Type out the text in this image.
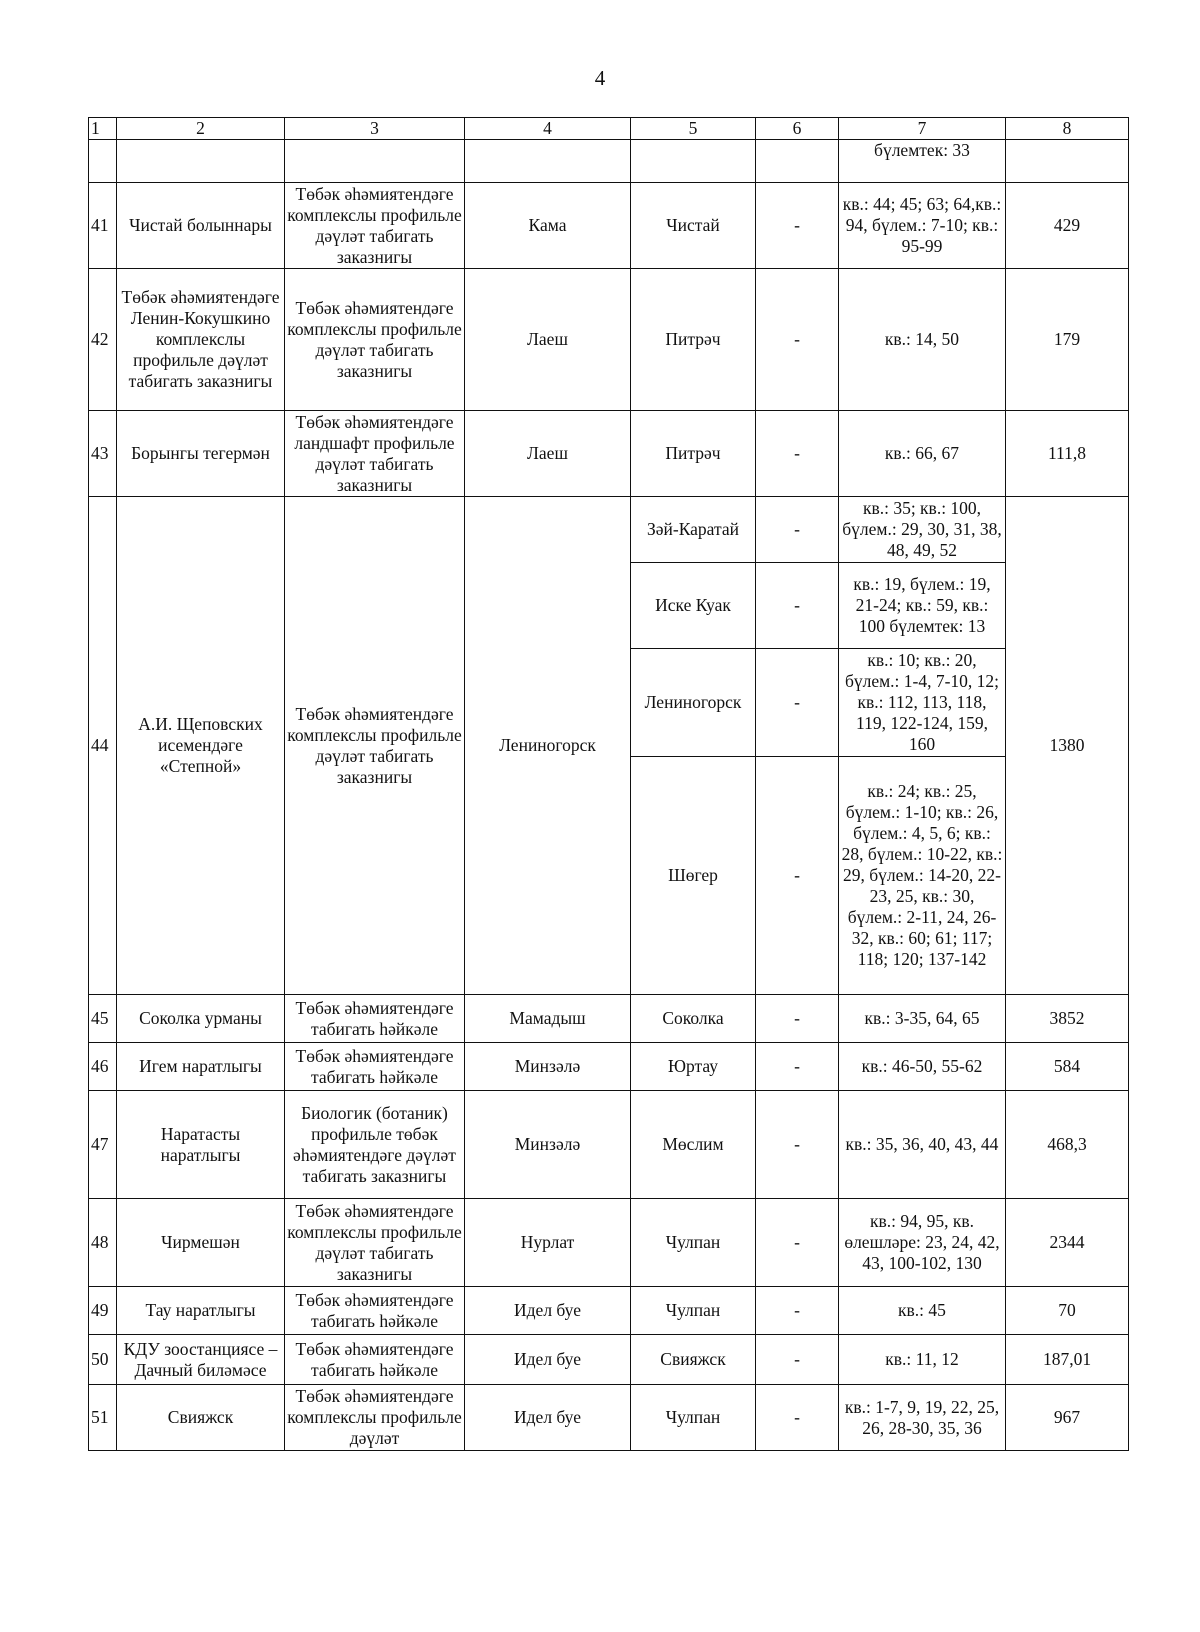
4
1	2	3	4	5	6	7	8
						бүлемтек: 33	
41	Чистай болыннары	Төбәк әһәмиятендәге комплекслы профильле дәүләт табигать заказнигы	Кама	Чистай	-	кв.: 44; 45; 63; 64,кв.: 94, бүлем.: 7-10; кв.: 95-99	429
42	Төбәк әһәмиятендәге Ленин-Кокушкино комплекслы профильле дәүләт табигать заказнигы	Төбәк әһәмиятендәге комплекслы профильле дәүләт табигать заказнигы	Лаеш	Питрәч	-	кв.: 14, 50	179
43	Борынгы тегермән	Төбәк әһәмиятендәге ландшафт профильле дәүләт табигать заказнигы	Лаеш	Питрәч	-	кв.: 66, 67	111,8
44	А.И. Щеповских исемендәге «Степной»	Төбәк әһәмиятендәге комплекслы профильле дәүләт табигать заказнигы	Лениногорск	Зәй-Каратай	-	кв.: 35; кв.: 100, бүлем.: 29, 30, 31, 38, 48, 49, 52	1380
				Иске Куак	-	кв.: 19, бүлем.: 19, 21-24; кв.: 59, кв.: 100 бүлемтек: 13	
				Лениногорск	-	кв.: 10; кв.: 20, бүлем.: 1-4, 7-10, 12; кв.: 112, 113, 118, 119, 122-124, 159, 160	
				Шөгер	-	кв.: 24; кв.: 25, бүлем.: 1-10; кв.: 26, бүлем.: 4, 5, 6; кв.: 28, бүлем.: 10-22, кв.: 29, бүлем.: 14-20, 22-23, 25, кв.: 30, бүлем.: 2-11, 24, 26-32, кв.: 60; 61; 117; 118; 120; 137-142	
45	Соколка урманы	Төбәк әһәмиятендәге табигать һәйкәле	Мамадыш	Соколка	-	кв.: 3-35, 64, 65	3852
46	Игем наратлыгы	Төбәк әһәмиятендәге табигать һәйкәле	Минзәлә	Юртау	-	кв.: 46-50, 55-62	584
47	Наратасты наратлыгы	Биологик (ботаник) профильле төбәк әһәмиятендәге дәүләт табигать заказнигы	Минзәлә	Мөслим	-	кв.: 35, 36, 40, 43, 44	468,3
48	Чирмешән	Төбәк әһәмиятендәге комплекслы профильле дәүләт табигать заказнигы	Нурлат	Чулпан	-	кв.: 94, 95, кв. өлешләре: 23, 24, 42, 43, 100-102, 130	2344
49	Тау наратлыгы	Төбәк әһәмиятендәге табигать һәйкәле	Идел буе	Чулпан	-	кв.: 45	70
50	КДУ зоостанциясе – Дачный биләмәсе	Төбәк әһәмиятендәге табигать һәйкәле	Идел буе	Свияжск	-	кв.: 11, 12	187,01
51	Свияжск	Төбәк әһәмиятендәге комплекслы профильле дәүләт	Идел буе	Чулпан	-	кв.: 1-7, 9, 19, 22, 25, 26, 28-30, 35, 36	967
